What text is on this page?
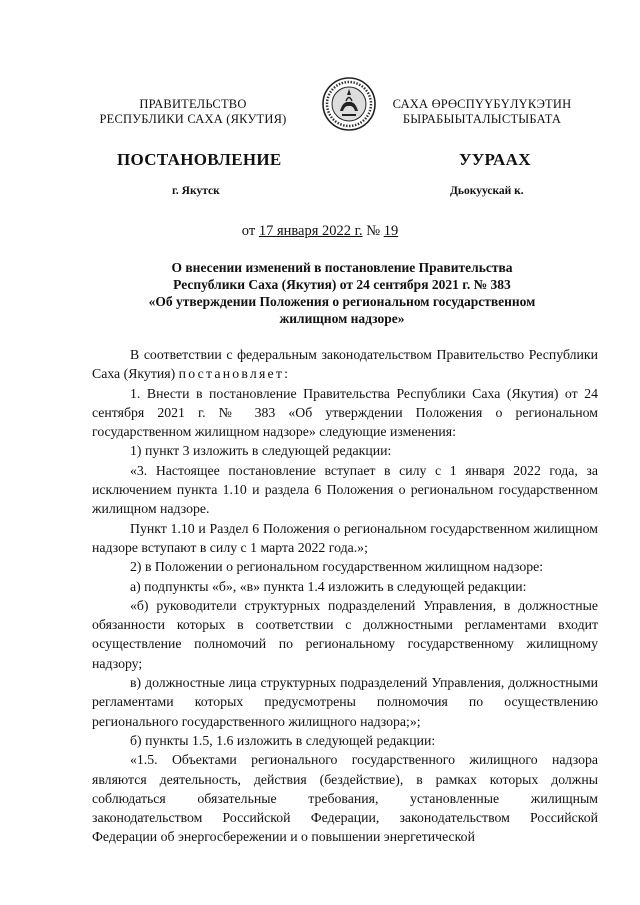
ПРАВИТЕЛЬСТВО
РЕСПУБЛИКИ САХА (ЯКУТИЯ)
САХА ӨРӨСПҮҮБҮЛҮКЭТИН
БЫРАБЫЫТАЛЫСТЫБАТА
ПОСТАНОВЛЕНИЕ	УУРААХ
г. Якутск	Дьокуускай к.
от 17 января 2022 г. № 19
О внесении изменений в постановление Правительства
Республики Саха (Якутия) от 24 сентября 2021 г. № 383
«Об утверждении Положения о региональном государственном
жилищном надзоре»

В соответствии с федеральным законодательством Правительство Республики Саха (Якутия) постановляет:

1. Внести в постановление Правительства Республики Саха (Якутия) от 24 сентября 2021 г. № 383 «Об утверждении Положения о региональном государственном жилищном надзоре» следующие изменения:

1) пункт 3 изложить в следующей редакции:

«3. Настоящее постановление вступает в силу с 1 января 2022 года, за исключением пункта 1.10 и раздела 6 Положения о региональном государственном жилищном надзоре.

Пункт 1.10 и Раздел 6 Положения о региональном государственном жилищном надзоре вступают в силу с 1 марта 2022 года.»;

2) в Положении о региональном государственном жилищном надзоре:

а) подпункты «б», «в» пункта 1.4 изложить в следующей редакции:

«б) руководители структурных подразделений Управления, в должностные обязанности которых в соответствии с должностными регламентами входит осуществление полномочий по региональному государственному жилищному надзору;

в) должностные лица структурных подразделений Управления, должностными регламентами которых предусмотрены полномочия по осуществлению регионального государственного жилищного надзора;»;

б) пункты 1.5, 1.6 изложить в следующей редакции:

«1.5. Объектами регионального государственного жилищного надзора являются деятельность, действия (бездействие), в рамках которых должны соблюдаться обязательные требования, установленные жилищным законодательством Российской Федерации, законодательством Российской Федерации об энергосбережении и о повышении энергетической
